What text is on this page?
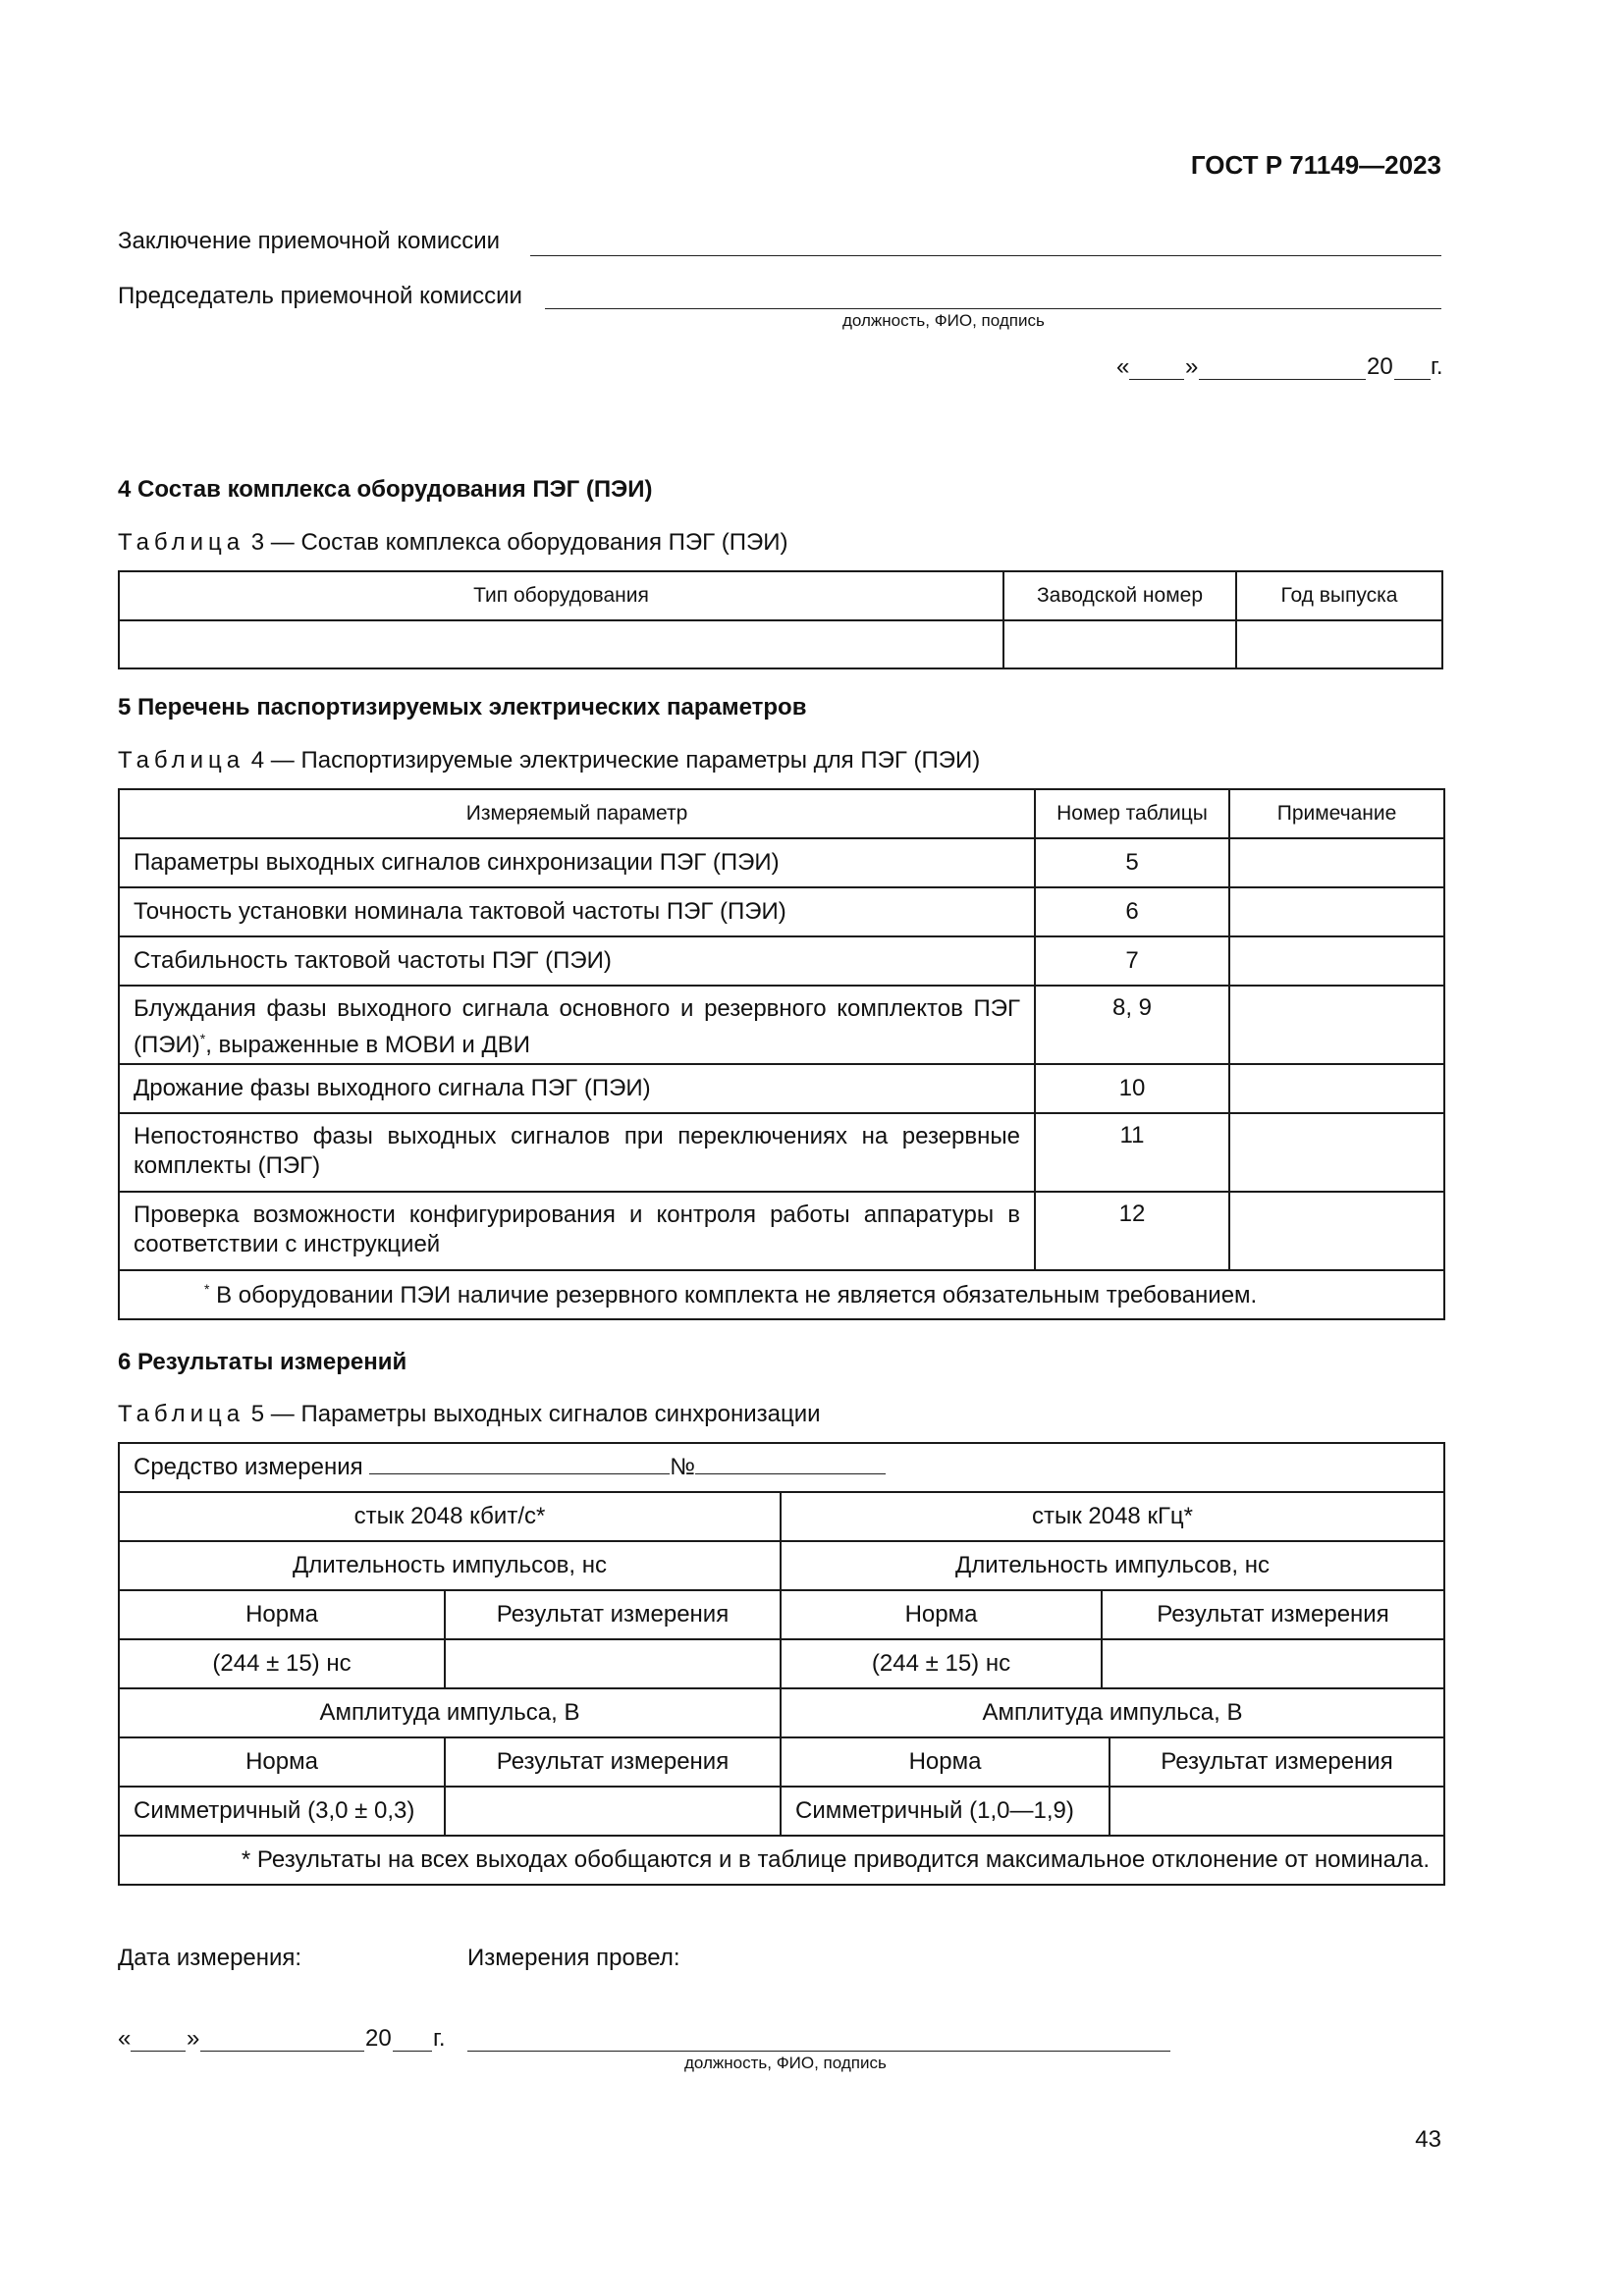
ГОСТ Р 71149—2023
Заключение приемочной комиссии
Председатель приемочной комиссии
должность, ФИО, подпись
« »	20 г.
4 Состав комплекса оборудования ПЭГ (ПЭИ)
Таблица 3 — Состав комплекса оборудования ПЭГ (ПЭИ)
Тип оборудования	Заводской номер	Год выпуска

5 Перечень паспортизируемых электрических параметров
Таблица 4 — Паспортизируемые электрические параметры для ПЭГ (ПЭИ)
Измеряемый параметр	Номер таблицы	Примечание
Параметры выходных сигналов синхронизации ПЭГ (ПЭИ)	5	
Точность установки номинала тактовой частоты ПЭГ (ПЭИ)	6	
Стабильность тактовой частоты ПЭГ (ПЭИ)	7	
Блуждания фазы выходного сигнала основного и резервного комплектов ПЭГ (ПЭИ)*, выраженные в МОВИ и ДВИ	8, 9	
Дрожание фазы выходного сигнала ПЭГ (ПЭИ)	10	
Непостоянство фазы выходных сигналов при переключениях на резервные комплекты (ПЭГ)	11	
Проверка возможности конфигурирования и контроля работы аппаратуры в соответствии с инструкцией	12	
* В оборудовании ПЭИ наличие резервного комплекта не является обязательным требованием.		
6 Результаты измерений
Таблица 5 — Параметры выходных сигналов синхронизации
Средство измерения №				
стык 2048 кбит/с*		стык 2048 кГц*		
Длительность импульсов, нс		Длительность импульсов, нс		
Норма	Результат измерения	Норма	Результат измерения	
(244 ± 15) нс		(244 ± 15) нс		
Амплитуда импульса, В		Амплитуда импульса, В		
Норма	Результат измерения	Норма		Результат измерения
Симметричный (3,0 ± 0,3)		Симметричный (1,0—1,9)		
* Результаты на всех выходах обобщаются и в таблице приводится максимальное отклонение от номинала.				
Дата измерения:	Измерения провел:
« »	20 г.
должность, ФИО, подпись
43
